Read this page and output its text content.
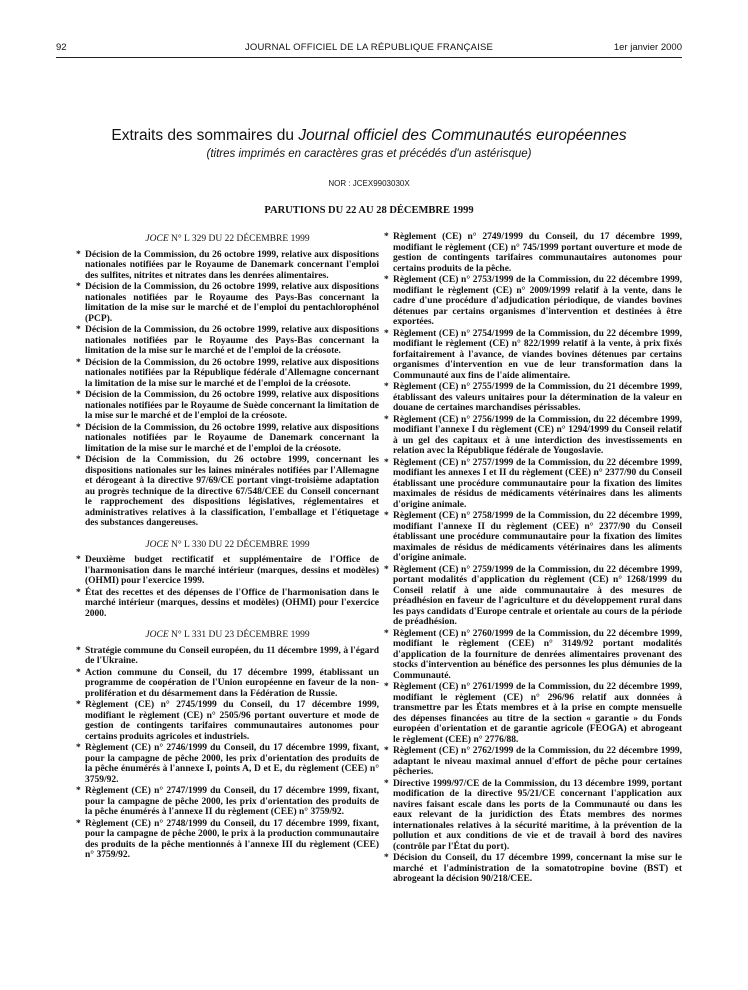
92	JOURNAL OFFICIEL DE LA RÉPUBLIQUE FRANÇAISE	1er janvier 2000
Extraits des sommaires du Journal officiel des Communautés européennes
(titres imprimés en caractères gras et précédés d'un astérisque)
NOR : JCEX9903030X
PARUTIONS DU 22 AU 28 DÉCEMBRE 1999
JOCE N° L 329 DU 22 DÉCEMBRE 1999
* Décision de la Commission, du 26 octobre 1999, relative aux dispositions nationales notifiées par le Royaume de Danemark concernant l'emploi des sulfites, nitrites et nitrates dans les denrées alimentaires.
* Décision de la Commission, du 26 octobre 1999, relative aux dispositions nationales notifiées par le Royaume des Pays-Bas concernant la limitation de la mise sur le marché et de l'emploi du pentachlorophénol (PCP).
* Décision de la Commission, du 26 octobre 1999, relative aux dispositions nationales notifiées par le Royaume des Pays-Bas concernant la limitation de la mise sur le marché et de l'emploi de la créosote.
* Décision de la Commission, du 26 octobre 1999, relative aux dispositions nationales notifiées par la République fédérale d'Allemagne concernant la limitation de la mise sur le marché et de l'emploi de la créosote.
* Décision de la Commission, du 26 octobre 1999, relative aux dispositions nationales notifiées par le Royaume de Suède concernant la limitation de la mise sur le marché et de l'emploi de la créosote.
* Décision de la Commission, du 26 octobre 1999, relative aux dispositions nationales notifiées par le Royaume de Danemark concernant la limitation de la mise sur le marché et de l'emploi de la créosote.
* Décision de la Commission, du 26 octobre 1999, concernant les dispositions nationales sur les laines minérales notifiées par l'Allemagne et dérogeant à la directive 97/69/CE portant vingt-troisième adaptation au progrès technique de la directive 67/548/CEE du Conseil concernant le rapprochement des dispositions législatives, réglementaires et administratives relatives à la classification, l'emballage et l'étiquetage des substances dangereuses.
JOCE N° L 330 DU 22 DÉCEMBRE 1999
* Deuxième budget rectificatif et supplémentaire de l'Office de l'harmonisation dans le marché intérieur (marques, dessins et modèles) (OHMI) pour l'exercice 1999.
* État des recettes et des dépenses de l'Office de l'harmonisation dans le marché intérieur (marques, dessins et modèles) (OHMI) pour l'exercice 2000.
JOCE N° L 331 DU 23 DÉCEMBRE 1999
* Stratégie commune du Conseil européen, du 11 décembre 1999, à l'égard de l'Ukraine.
* Action commune du Conseil, du 17 décembre 1999, établissant un programme de coopération de l'Union européenne en faveur de la non-prolifération et du désarmement dans la Fédération de Russie.
* Règlement (CE) n° 2745/1999 du Conseil, du 17 décembre 1999, modifiant le règlement (CE) n° 2505/96 portant ouverture et mode de gestion de contingents tarifaires communautaires autonomes pour certains produits agricoles et industriels.
* Règlement (CE) n° 2746/1999 du Conseil, du 17 décembre 1999, fixant, pour la campagne de pêche 2000, les prix d'orientation des produits de la pêche énumérés à l'annexe I, points A, D et E, du règlement (CEE) n° 3759/92.
* Règlement (CE) n° 2747/1999 du Conseil, du 17 décembre 1999, fixant, pour la campagne de pêche 2000, les prix d'orientation des produits de la pêche énumérés à l'annexe II du règlement (CEE) n° 3759/92.
* Règlement (CE) n° 2748/1999 du Conseil, du 17 décembre 1999, fixant, pour la campagne de pêche 2000, le prix à la production communautaire des produits de la pêche mentionnés à l'annexe III du règlement (CEE) n° 3759/92.
* Règlement (CE) n° 2749/1999 du Conseil, du 17 décembre 1999, modifiant le règlement (CE) n° 745/1999 portant ouverture et mode de gestion de contingents tarifaires communautaires autonomes pour certains produits de la pêche.
* Règlement (CE) n° 2753/1999 de la Commission, du 22 décembre 1999, modifiant le règlement (CE) n° 2009/1999 relatif à la vente, dans le cadre d'une procédure d'adjudication périodique, de viandes bovines détenues par certains organismes d'intervention et destinées à être exportées.
* Règlement (CE) n° 2754/1999 de la Commission, du 22 décembre 1999, modifiant le règlement (CE) n° 822/1999 relatif à la vente, à prix fixés forfaitairement à l'avance, de viandes bovines détenues par certains organismes d'intervention en vue de leur transformation dans la Communauté aux fins de l'aide alimentaire.
* Règlement (CE) n° 2755/1999 de la Commission, du 21 décembre 1999, établissant des valeurs unitaires pour la détermination de la valeur en douane de certaines marchandises périssables.
* Règlement (CE) n° 2756/1999 de la Commission, du 22 décembre 1999, modifiant l'annexe I du règlement (CE) n° 1294/1999 du Conseil relatif à un gel des capitaux et à une interdiction des investissements en relation avec la République fédérale de Yougoslavie.
* Règlement (CE) n° 2757/1999 de la Commission, du 22 décembre 1999, modifiant les annexes I et II du règlement (CEE) n° 2377/90 du Conseil établissant une procédure communautaire pour la fixation des limites maximales de résidus de médicaments vétérinaires dans les aliments d'origine animale.
* Règlement (CE) n° 2758/1999 de la Commission, du 22 décembre 1999, modifiant l'annexe II du règlement (CEE) n° 2377/90 du Conseil établissant une procédure communautaire pour la fixation des limites maximales de résidus de médicaments vétérinaires dans les aliments d'origine animale.
* Règlement (CE) n° 2759/1999 de la Commission, du 22 décembre 1999, portant modalités d'application du règlement (CE) n° 1268/1999 du Conseil relatif à une aide communautaire à des mesures de préadhésion en faveur de l'agriculture et du développement rural dans les pays candidats d'Europe centrale et orientale au cours de la période de préadhésion.
* Règlement (CE) n° 2760/1999 de la Commission, du 22 décembre 1999, modifiant le règlement (CEE) n° 3149/92 portant modalités d'application de la fourniture de denrées alimentaires provenant des stocks d'intervention au bénéfice des personnes les plus démunies de la Communauté.
* Règlement (CE) n° 2761/1999 de la Commission, du 22 décembre 1999, modifiant le règlement (CE) n° 296/96 relatif aux données à transmettre par les États membres et à la prise en compte mensuelle des dépenses financées au titre de la section « garantie » du Fonds européen d'orientation et de garantie agricole (FEOGA) et abrogeant le règlement (CEE) n° 2776/88.
* Règlement (CE) n° 2762/1999 de la Commission, du 22 décembre 1999, adaptant le niveau maximal annuel d'effort de pêche pour certaines pêcheries.
* Directive 1999/97/CE de la Commission, du 13 décembre 1999, portant modification de la directive 95/21/CE concernant l'application aux navires faisant escale dans les ports de la Communauté ou dans les eaux relevant de la juridiction des États membres des normes internationales relatives à la sécurité maritime, à la prévention de la pollution et aux conditions de vie et de travail à bord des navires (contrôle par l'État du port).
* Décision du Conseil, du 17 décembre 1999, concernant la mise sur le marché et l'administration de la somatotropine bovine (BST) et abrogeant la décision 90/218/CEE.
